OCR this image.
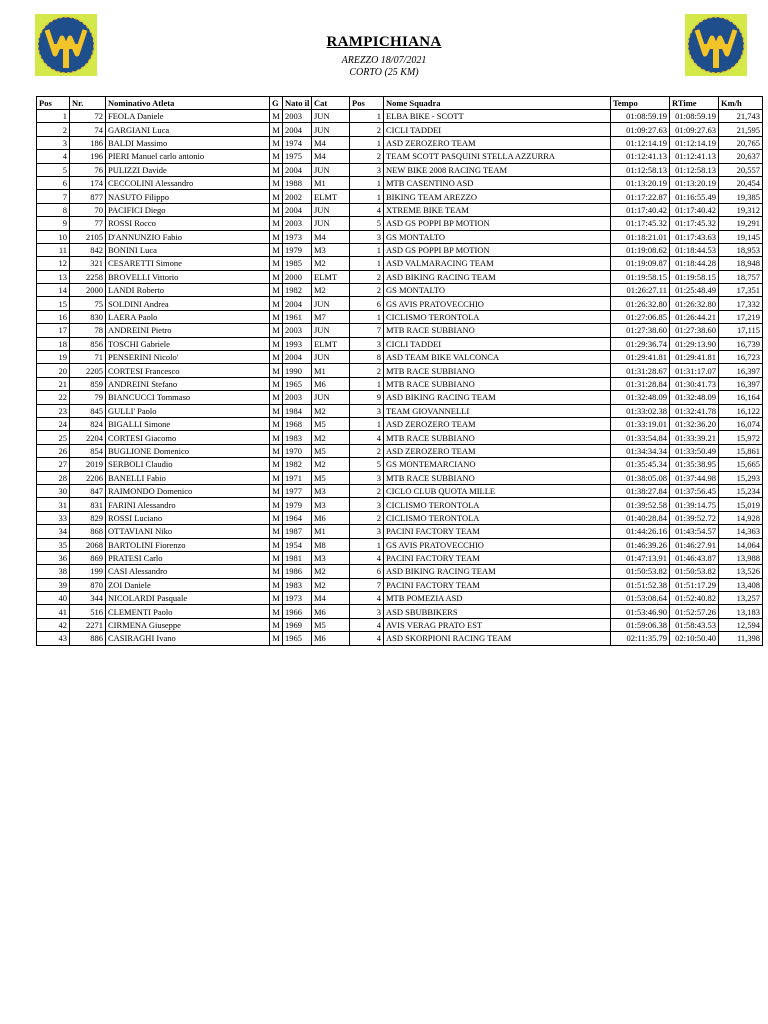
RAMPICHIANA
AREZZO 18/07/2021
CORTO (25 KM)
Pos	Nr.	Nominativo Atleta	G	Nato il	Cat	Pos	Nome Squadra	Tempo	RTime	Km/h
1	72	FEOLA Daniele	M	2003	JUN	1	ELBA BIKE - SCOTT	01:08:59.19	01:08:59.19	21,743
2	74	GARGIANI Luca	M	2004	JUN	2	CICLI TADDEI	01:09:27.63	01:09:27.63	21,595
3	186	BALDI Massimo	M	1974	M4	1	ASD ZEROZERO TEAM	01:12:14.19	01:12:14.19	20,765
4	196	PIERI Manuel carlo antonio	M	1975	M4	2	TEAM SCOTT PASQUINI STELLA AZZURRA	01:12:41.13	01:12:41.13	20,637
5	76	PULIZZI Davide	M	2004	JUN	3	NEW BIKE 2008 RACING TEAM	01:12:58.13	01:12:58.13	20,557
6	174	CECCOLINI Alessandro	M	1988	M1	1	MTB CASENTINO ASD	01:13:20.19	01:13:20.19	20,454
7	877	NASUTO Filippo	M	2002	ELMT	1	BIKING TEAM AREZZO	01:17:22.87	01:16:55.49	19,385
8	70	PACIFICI Diego	M	2004	JUN	4	XTREME BIKE TEAM	01:17:40.42	01:17:40.42	19,312
9	77	ROSSI Rocco	M	2003	JUN	5	ASD GS POPPI BP MOTION	01:17:45.32	01:17:45.32	19,291
10	2105	D'ANNUNZIO Fabio	M	1973	M4	3	GS MONTALTO	01:18:21.01	01:17:43.63	19,145
11	842	BONINI Luca	M	1979	M3	1	ASD GS POPPI BP MOTION	01:19:08.62	01:18:44.53	18,953
12	321	CESARETTI Simone	M	1985	M2	1	ASD VALMARACING TEAM	01:19:09.87	01:18:44.28	18,948
13	2258	BROVELLI Vittorio	M	2000	ELMT	2	ASD BIKING RACING TEAM	01:19:58.15	01:19:58.15	18,757
14	2000	LANDI Roberto	M	1982	M2	2	GS MONTALTO	01:26:27.11	01:25:48.49	17,351
15	75	SOLDINI Andrea	M	2004	JUN	6	GS AVIS PRATOVECCHIO	01:26:32.80	01:26:32.80	17,332
16	830	LAERA Paolo	M	1961	M7	1	CICLISMO TERONTOLA	01:27:06.85	01:26:44.21	17,219
17	78	ANDREINI Pietro	M	2003	JUN	7	MTB RACE SUBBIANO	01:27:38.60	01:27:38.60	17,115
18	856	TOSCHI Gabriele	M	1993	ELMT	3	CICLI TADDEI	01:29:36.74	01:29:13.90	16,739
19	71	PENSERINI Nicolo'	M	2004	JUN	8	ASD TEAM BIKE VALCONCA	01:29:41.81	01:29:41.81	16,723
20	2205	CORTESI Francesco	M	1990	M1	2	MTB RACE SUBBIANO	01:31:28.67	01:31:17.07	16,397
21	859	ANDREINI Stefano	M	1965	M6	1	MTB RACE SUBBIANO	01:31:28.84	01:30:41.73	16,397
22	79	BIANCUCCI Tommaso	M	2003	JUN	9	ASD BIKING RACING TEAM	01:32:48.09	01:32:48.09	16,164
23	845	GULLI' Paolo	M	1984	M2	3	TEAM GIOVANNELLI	01:33:02.38	01:32:41.78	16,122
24	824	BIGALLI Simone	M	1968	M5	1	ASD ZEROZERO TEAM	01:33:19.01	01:32:36.20	16,074
25	2204	CORTESI Giacomo	M	1983	M2	4	MTB RACE SUBBIANO	01:33:54.84	01:33:39.21	15,972
26	854	BUGLIONE Domenico	M	1970	M5	2	ASD ZEROZERO TEAM	01:34:34.34	01:33:50.49	15,861
27	2019	SERBOLI Claudio	M	1982	M2	5	GS MONTEMARCIANO	01:35:45.34	01:35:38.95	15,665
28	2206	BANELLI Fabio	M	1971	M5	3	MTB RACE SUBBIANO	01:38:05.08	01:37:44.98	15,293
30	847	RAIMONDO Domenico	M	1977	M3	2	CICLO CLUB QUOTA MILLE	01:38:27.84	01:37:56.45	15,234
31	831	FARINI Alessandro	M	1979	M3	3	CICLISMO TERONTOLA	01:39:52.58	01:39:14.75	15,019
33	829	ROSSI Luciano	M	1964	M6	2	CICLISMO TERONTOLA	01:40:28.84	01:39:52.72	14,928
34	868	OTTAVIANI Niko	M	1987	M1	3	PACINI FACTORY TEAM	01:44:26.16	01:43:54.57	14,363
35	2068	BARTOLINI Fiorenzo	M	1954	M8	1	GS AVIS PRATOVECCHIO	01:46:39.26	01:46:27.91	14,064
36	869	PRATESI Carlo	M	1981	M3	4	PACINI FACTORY TEAM	01:47:13.91	01:46:43.87	13,988
38	199	CASI Alessandro	M	1986	M2	6	ASD BIKING RACING TEAM	01:50:53.82	01:50:53.82	13,526
39	870	ZOI Daniele	M	1983	M2	7	PACINI FACTORY TEAM	01:51:52.38	01:51:17.29	13,408
40	344	NICOLARDI Pasquale	M	1973	M4	4	MTB POMEZIA ASD	01:53:08.64	01:52:40.82	13,257
41	516	CLEMENTI Paolo	M	1966	M6	3	ASD SBUBBIKERS	01:53:46.90	01:52:57.26	13,183
42	2271	CIRMENA Giuseppe	M	1969	M5	4	AVIS VERAG PRATO EST	01:59:06.38	01:58:43.53	12,594
43	886	CASIRAGHI Ivano	M	1965	M6	4	ASD SKORPIONI RACING TEAM	02:11:35.79	02:10:50.40	11,398
